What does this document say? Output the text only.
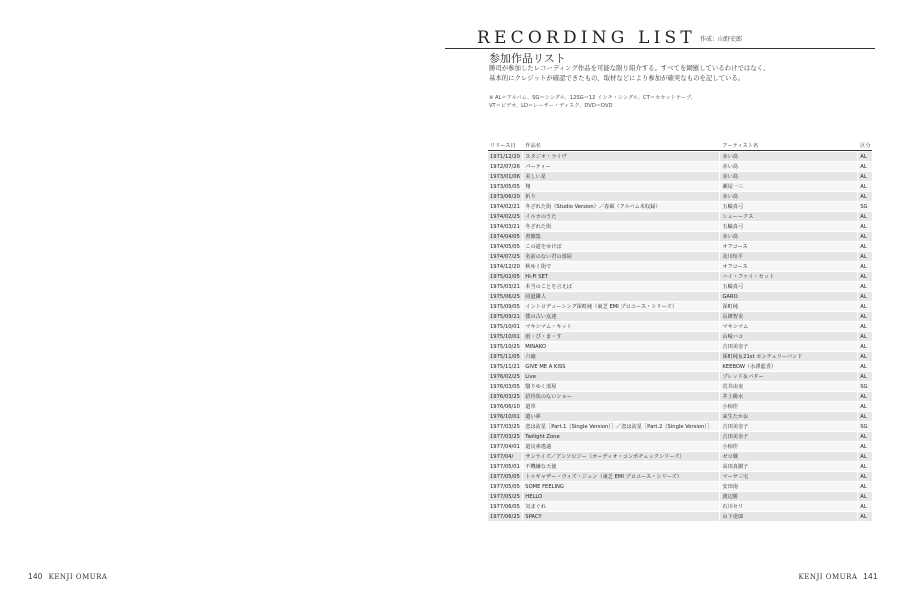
140 KENJI OMURA	KENJI OMURA 141
RECORDING LIST 作成：山野史郎
参加作品リスト
勝司が参加したレコーディング作品を可能な限り紹介する。すべてを網羅しているわけではなく、
基本的にクレジットが確認できたもの、取材などにより参加が確実なものを記している。
※ AL＝アルバム、SG＝シングル、12SG＝12 インチ・シングル、CT＝カセットテープ、
VT＝ビデオ、LD＝レーザー・ディスク、DVD＝DVD
リリース日		作品名		アーティスト名		区分
1971/12/20		スタジオ・ライヴ		赤い鳥		AL
1972/07/26		パーティー		赤い鳥		AL
1973/01/06		美しい星		赤い鳥		AL
1973/05/05		翔		瀬尾一三		AL
1973/06/20		祈り		赤い鳥		AL
1974/02/21		冬ざれた街（Studio Version）／春風（アルバム未収録）		五輪真弓		SG
1974/02/25		イルカのうた		シューークス		AL
1974/03/21		冬ざれた街		五輪真弓		AL
1974/04/05		書簡集		赤い鳥		AL
1974/05/05		この道をゆけば		オフコース		AL
1974/07/25		名前のない君の部屋		及川恒平		AL
1974/12/20		秋ゆく街で		オフコース		AL
1975/02/05		Hi-Fi SET		ハイ・ファイ・セット		AL
1975/03/21		本当のことを言えば		五輪真弓		AL
1975/06/25		同道隣人		GARO		AL
1975/09/05		イントロデューシング深町純（東芝 EMI プロユース・シリーズ）		深町純		AL
1975/09/21		僕の古い友達		長隆智美		AL
1975/10/01		マキシマム・キット		マキシマム		AL
1975/10/01		雨・ぴ・ま・す		山崎ハコ		AL
1975/10/25		MINAKO		吉田美奈子		AL
1975/11/05		六喩		深町純＆21st センチュリーバンド		AL
1975/11/21		GIVE ME A KISS		KEEBOW（水澤藍香）		AL
1976/02/25		Live		ブレッド＆バター		AL
1976/03/05		翳りゆく部屋		荒井由実		SG
1976/03/25		招待状のないショー		井上陽水		AL
1976/06/10		道草		小椋佳		AL
1976/10/01		遣い夢		来生たかお		AL
1977/03/25		恋は流星［Part.1（Single Version）］／恋は流星［Part.2（Single Version）］		吉田美奈子		SG
1977/03/25		Twilight Zone		吉田美奈子		AL
1977/04/01		道良素遙遠		小椋佳		AL
1977/04/		サンライズ／アンソロジー（オーディオ・コンポチェックシリーズ）		ゼロ戦		AL
1977/05/01		不機嫌な天使		高田真樹子		AL
1977/05/05		トゥギャザー・ウィズ・ジュン（東芝 EMI プロユース・シリーズ）		マーサ三宅		AL
1977/05/05		SOME FEELING		安田南		AL
1977/05/25		HELLO		渡辺勝		AL
1977/06/05		気まぐれ		石川セリ		AL
1977/06/25		SPACY		山下達郎		AL
